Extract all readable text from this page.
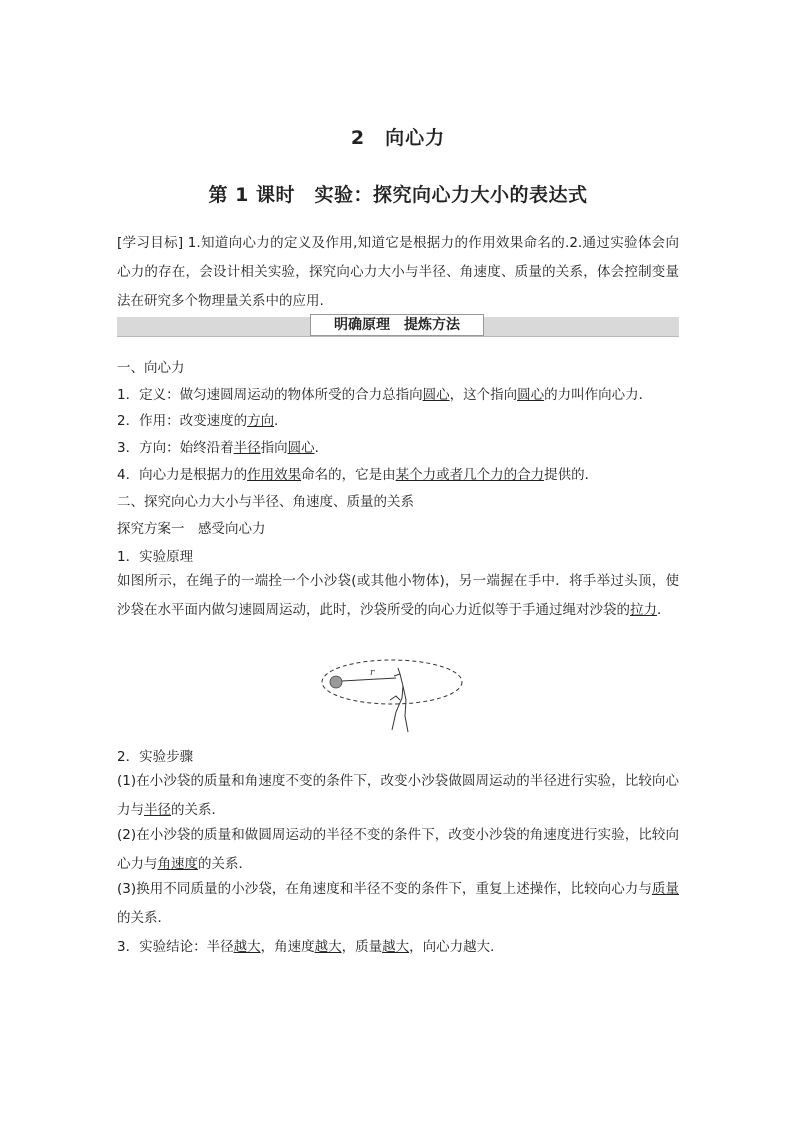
2　向心力
第 1 课时　实验：探究向心力大小的表达式
[学习目标] 1.知道向心力的定义及作用,知道它是根据力的作用效果命名的.2.通过实验体会向心力的存在，会设计相关实验，探究向心力大小与半径、角速度、质量的关系，体会控制变量法在研究多个物理量关系中的应用.
明确原理　提炼方法
一、向心力
1．定义：做匀速圆周运动的物体所受的合力总指向圆心，这个指向圆心的力叫作向心力．
2．作用：改变速度的方向．
3．方向：始终沿着半径指向圆心．
4．向心力是根据力的作用效果命名的，它是由某个力或者几个力的合力提供的．
二、探究向心力大小与半径、角速度、质量的关系
探究方案一　感受向心力
1．实验原理
如图所示，在绳子的一端拴一个小沙袋(或其他小物体)，另一端握在手中．将手举过头顶，使沙袋在水平面内做匀速圆周运动，此时，沙袋所受的向心力近似等于手通过绳对沙袋的拉力．
r
2．实验步骤
(1)在小沙袋的质量和角速度不变的条件下，改变小沙袋做圆周运动的半径进行实验，比较向心力与半径的关系．
(2)在小沙袋的质量和做圆周运动的半径不变的条件下，改变小沙袋的角速度进行实验，比较向心力与角速度的关系．
(3)换用不同质量的小沙袋，在角速度和半径不变的条件下，重复上述操作，比较向心力与质量的关系．
3．实验结论：半径越大，角速度越大，质量越大，向心力越大．
